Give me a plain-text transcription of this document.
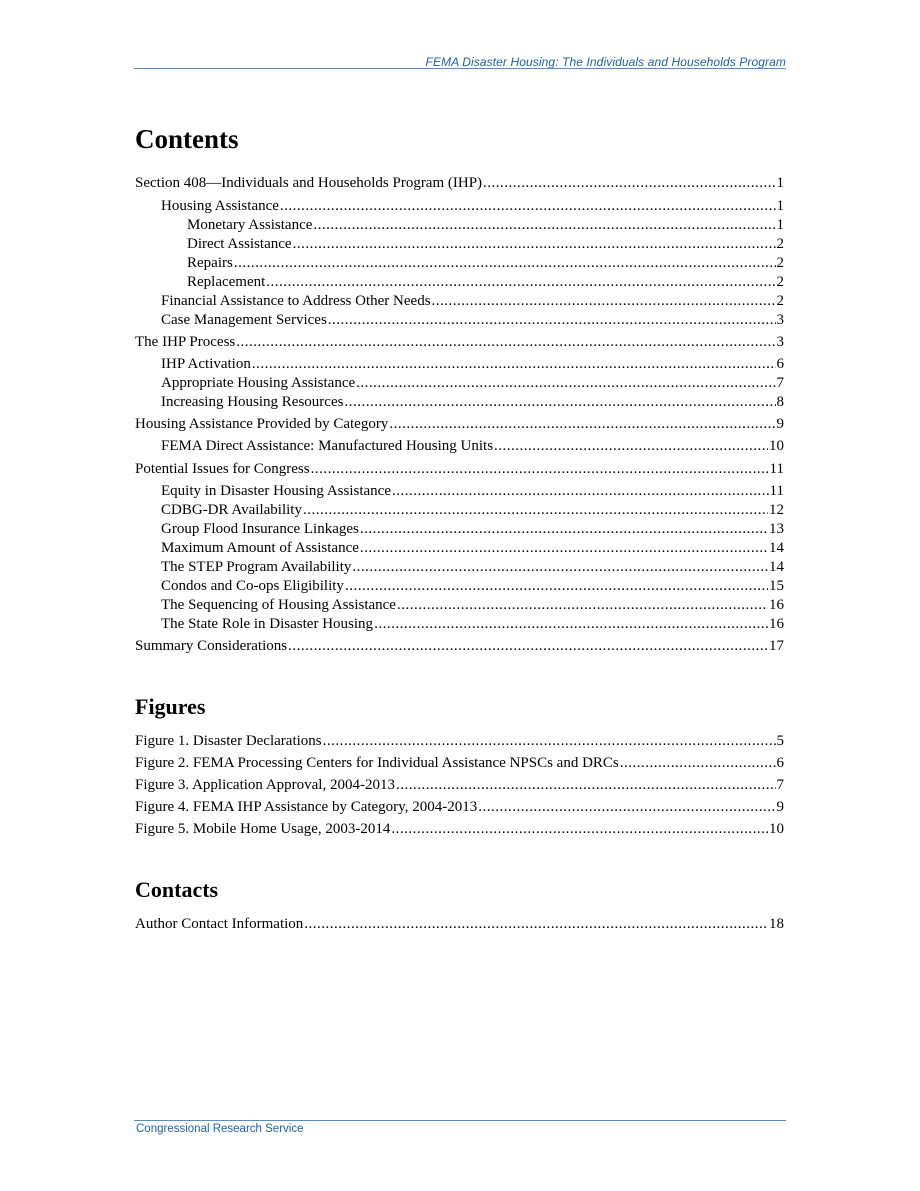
FEMA Disaster Housing: The Individuals and Households Program
Contents
Section 408—Individuals and Households Program (IHP) .....	1
Housing Assistance .....	1
Monetary Assistance .....	1
Direct Assistance .....	2
Repairs .....	2
Replacement .....	2
Financial Assistance to Address Other Needs .....	2
Case Management Services .....	3
The IHP Process .....	3
IHP Activation .....	6
Appropriate Housing Assistance .....	7
Increasing Housing Resources .....	8
Housing Assistance Provided by Category .....	9
FEMA Direct Assistance: Manufactured Housing Units .....	10
Potential Issues for Congress .....	11
Equity in Disaster Housing Assistance .....	11
CDBG-DR Availability .....	12
Group Flood Insurance Linkages .....	13
Maximum Amount of Assistance .....	14
The STEP Program Availability .....	14
Condos and Co-ops Eligibility .....	15
The Sequencing of Housing Assistance .....	16
The State Role in Disaster Housing .....	16
Summary Considerations .....	17
Figures
Figure 1. Disaster Declarations .....	5
Figure 2. FEMA Processing Centers for Individual Assistance NPSCs and DRCs .....	6
Figure 3. Application Approval, 2004-2013 .....	7
Figure 4. FEMA IHP Assistance by Category, 2004-2013 .....	9
Figure 5. Mobile Home Usage, 2003-2014 .....	10
Contacts
Author Contact Information .....	18
Congressional Research Service
